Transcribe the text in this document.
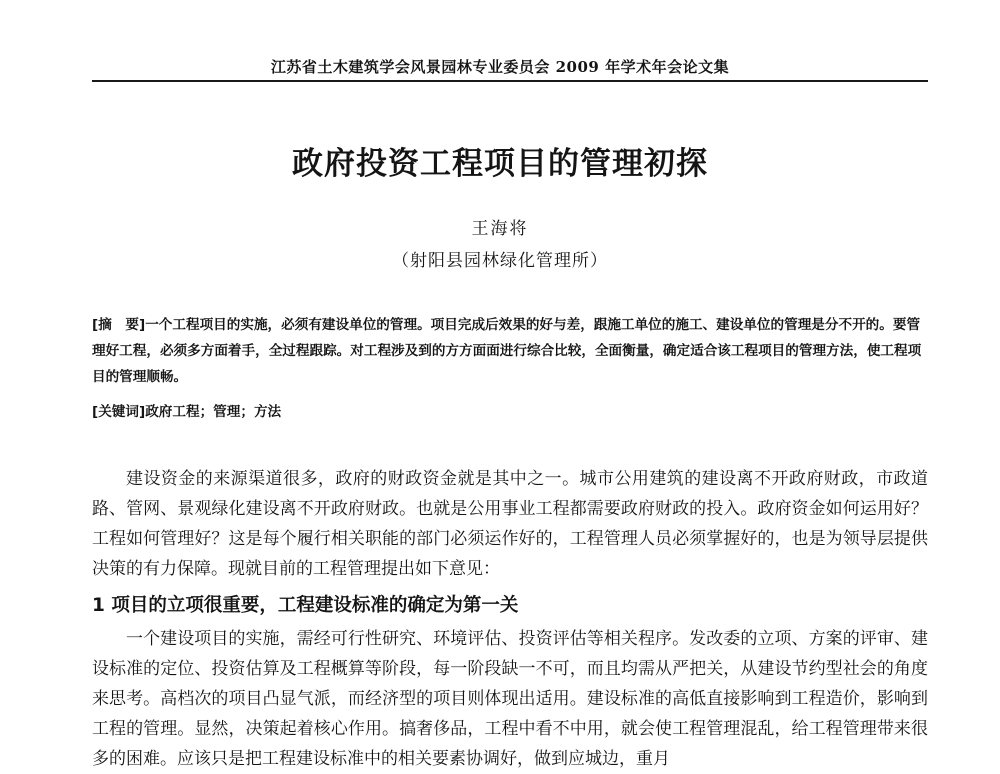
江苏省土木建筑学会风景园林专业委员会 2009 年学术年会论文集
政府投资工程项目的管理初探
王海将
（射阳县园林绿化管理所）
[摘　要]一个工程项目的实施，必须有建设单位的管理。项目完成后效果的好与差，跟施工单位的施工、建设单位的管理是分不开的。要管理好工程，必须多方面着手，全过程跟踪。对工程涉及到的方方面面进行综合比较，全面衡量，确定适合该工程项目的管理方法，使工程项目的管理顺畅。
[关键词]政府工程；管理；方法
建设资金的来源渠道很多，政府的财政资金就是其中之一。城市公用建筑的建设离不开政府财政，市政道路、管网、景观绿化建设离不开政府财政。也就是公用事业工程都需要政府财政的投入。政府资金如何运用好？工程如何管理好？这是每个履行相关职能的部门必须运作好的，工程管理人员必须掌握好的，也是为领导层提供决策的有力保障。现就目前的工程管理提出如下意见：
1 项目的立项很重要，工程建设标准的确定为第一关
一个建设项目的实施，需经可行性研究、环境评估、投资评估等相关程序。发改委的立项、方案的评审、建设标准的定位、投资估算及工程概算等阶段，每一阶段缺一不可，而且均需从严把关，从建设节约型社会的角度来思考。高档次的项目凸显气派，而经济型的项目则体现出适用。建设标准的高低直接影响到工程造价，影响到工程的管理。显然，决策起着核心作用。搞奢侈品，工程中看不中用，就会使工程管理混乱，给工程管理带来很多的困难。应该只是把工程建设标准中的相关要素协调好，做到应城边，重月
